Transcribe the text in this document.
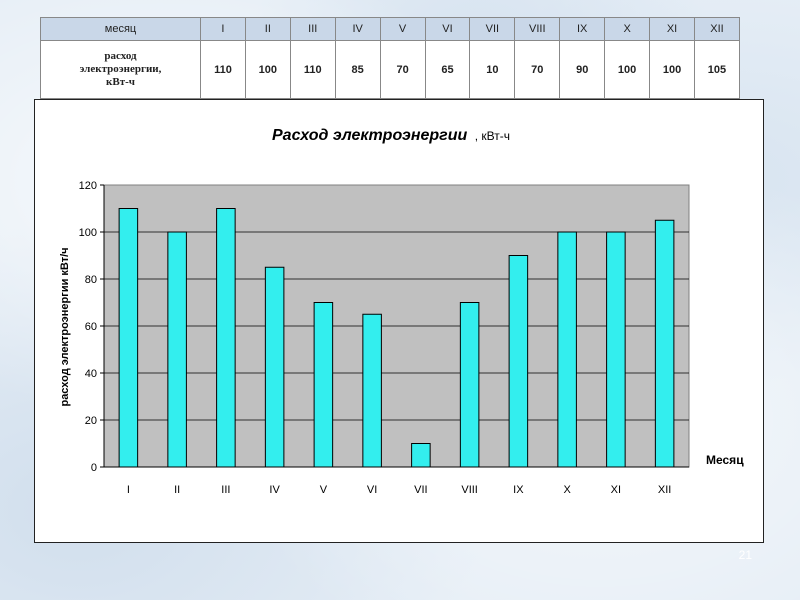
месяц	I	II	III	IV	V	VI	VII	VIII	IX	X	XI	XII
расход
электроэнергии,
кВт-ч	110	100	110	85	70	65	10	70	90	100	100	105
Расход электроэнергии , кВт-ч
Месяц
расход электроэнергии кВт/ч
0
20
40
60
80
100
120
I	II	III	IV	V	VI	VII	VIII	IX	X	XI	XII
21
